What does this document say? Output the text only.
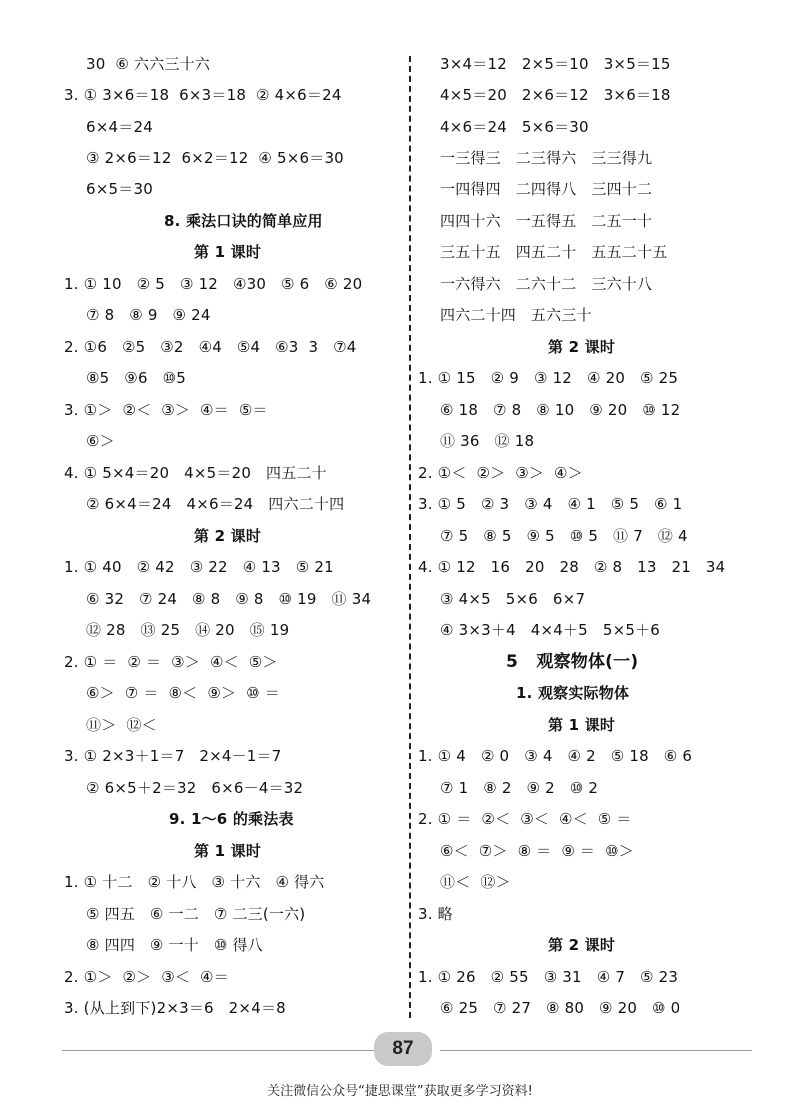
30  ⑥ 六六三十六
3. ① 3×6＝18  6×3＝18  ② 4×6＝24
6×4＝24
③ 2×6＝12  6×2＝12  ④ 5×6＝30
6×5＝30
8. 乘法口诀的简单应用
第 1 课时
1. ① 10   ② 5   ③ 12   ④30   ⑤ 6   ⑥ 20
⑦ 8   ⑧ 9   ⑨ 24
2. ①6   ②5   ③2   ④4   ⑤4   ⑥3  3   ⑦4
⑧5   ⑨6   ⑩5
3. ①＞  ②＜  ③＞  ④＝  ⑤＝
⑥＞
4. ① 5×4＝20   4×5＝20   四五二十
② 6×4＝24   4×6＝24   四六二十四
第 2 课时
1. ① 40   ② 42   ③ 22   ④ 13   ⑤ 21
⑥ 32   ⑦ 24   ⑧ 8   ⑨ 8   ⑩ 19   ⑪ 34
⑫ 28   ⑬ 25   ⑭ 20   ⑮ 19
2. ① ＝  ② ＝  ③＞  ④＜  ⑤＞
⑥＞  ⑦ ＝  ⑧＜  ⑨＞  ⑩ ＝
⑪＞  ⑫＜
3. ① 2×3＋1＝7   2×4－1＝7
② 6×5＋2＝32   6×6－4＝32
9. 1～6 的乘法表
第 1 课时
1. ① 十二   ② 十八   ③ 十六   ④ 得六
⑤ 四五   ⑥ 一二   ⑦ 二三(一六)
⑧ 四四   ⑨ 一十   ⑩ 得八
2. ①＞  ②＞  ③＜  ④＝
3. (从上到下)2×3＝6   2×4＝8
3×4＝12   2×5＝10   3×5＝15
4×5＝20   2×6＝12   3×6＝18
4×6＝24   5×6＝30
一三得三   二三得六   三三得九
一四得四   二四得八   三四十二
四四十六   一五得五   二五一十
三五十五   四五二十   五五二十五
一六得六   二六十二   三六十八
四六二十四   五六三十
第 2 课时
1. ① 15   ② 9   ③ 12   ④ 20   ⑤ 25
⑥ 18   ⑦ 8   ⑧ 10   ⑨ 20   ⑩ 12
⑪ 36   ⑫ 18
2. ①＜  ②＞  ③＞  ④＞
3. ① 5   ② 3   ③ 4   ④ 1   ⑤ 5   ⑥ 1
⑦ 5   ⑧ 5   ⑨ 5   ⑩ 5   ⑪ 7   ⑫ 4
4. ① 12   16   20   28   ② 8   13   21   34
③ 4×5   5×6   6×7
④ 3×3＋4   4×4＋5   5×5＋6
5   观察物体(一)
1. 观察实际物体
第 1 课时
1. ① 4   ② 0   ③ 4   ④ 2   ⑤ 18   ⑥ 6
⑦ 1   ⑧ 2   ⑨ 2   ⑩ 2
2. ① ＝  ②＜  ③＜  ④＜  ⑤ ＝
⑥＜  ⑦＞  ⑧ ＝  ⑨ ＝  ⑩＞
⑪＜  ⑫＞
3. 略
第 2 课时
1. ① 26   ② 55   ③ 31   ④ 7   ⑤ 23
⑥ 25   ⑦ 27   ⑧ 80   ⑨ 20   ⑩ 0
87
关注微信公众号“捷思课堂”获取更多学习资料!
